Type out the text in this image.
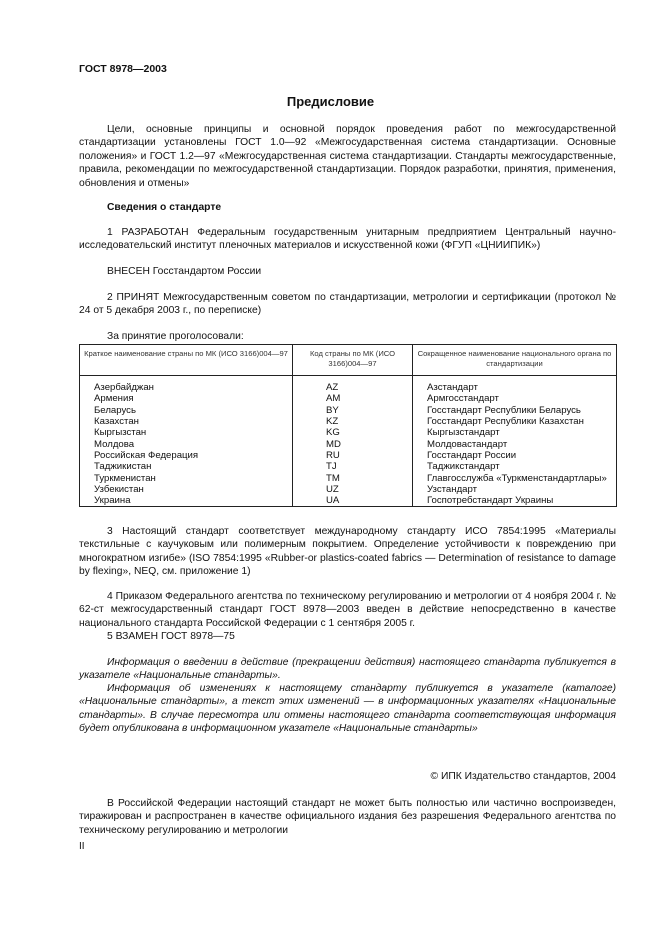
ГОСТ 8978—2003
Предисловие

Цели, основные принципы и основной порядок проведения работ по межгосударственной стандартизации установлены ГОСТ 1.0—92 «Межгосударственная система стандартизации. Основные положения» и ГОСТ 1.2—97 «Межгосударственная система стандартизации. Стандарты межгосударственные, правила, рекомендации по межгосударственной стандартизации. Порядок разработки, принятия, применения, обновления и отмены»

Сведения о стандарте

1 РАЗРАБОТАН Федеральным государственным унитарным предприятием Центральный научно-исследовательский институт пленочных материалов и искусственной кожи (ФГУП «ЦНИИПИК»)

ВНЕСЕН Госстандартом России

2 ПРИНЯТ Межгосударственным советом по стандартизации, метрологии и сертификации (протокол № 24 от 5 декабря 2003 г., по переписке)

За принятие проголосовали:

Краткое наименование страны по МК (ИСО 3166)004—97	Код страны по МК (ИСО 3166)004—97	Сокращенное наименование национального органа по стандартизации
Азербайджан	AZ	Азстандарт
Армения	AM	Армгосстандарт
Беларусь	BY	Госстандарт Республики Беларусь
Казахстан	KZ	Госстандарт Республики Казахстан
Кыргызстан	KG	Кыргызстандарт
Молдова	MD	Молдовастандарт
Российская Федерация	RU	Госстандарт России
Таджикистан	TJ	Таджикстандарт
Туркменистан	TM	Главгосслужба «Туркменстандартлары»
Узбекистан	UZ	Узстандарт
Украина	UA	Госпотребстандарт Украины

3 Настоящий стандарт соответствует международному стандарту ИСО 7854:1995 «Материалы текстильные с каучуковым или полимерным покрытием. Определение устойчивости к повреждению при многократном изгибе» (ISO 7854:1995 «Rubber-or plastics-coated fabrics — Determination of resistance to damage by flexing», NEQ, см. приложение 1)

4 Приказом Федерального агентства по техническому регулированию и метрологии от 4 ноября 2004 г. № 62-ст межгосударственный стандарт ГОСТ 8978—2003 введен в действие непосредственно в качестве национального стандарта Российской Федерации с 1 сентября 2005 г.

5 ВЗАМЕН ГОСТ 8978—75

Информация о введении в действие (прекращении действия) настоящего стандарта публикуется в указателе «Национальные стандарты».

Информация об изменениях к настоящему стандарту публикуется в указателе (каталоге) «Национальные стандарты», а текст этих изменений — в информационных указателях «Национальные стандарты». В случае пересмотра или отмены настоящего стандарта соответствующая информация будет опубликована в информационном указателе «Национальные стандарты»

© ИПК Издательство стандартов, 2004

В Российской Федерации настоящий стандарт не может быть полностью или частично воспроизведен, тиражирован и распространен в качестве официального издания без разрешения Федерального агентства по техническому регулированию и метрологии

II
